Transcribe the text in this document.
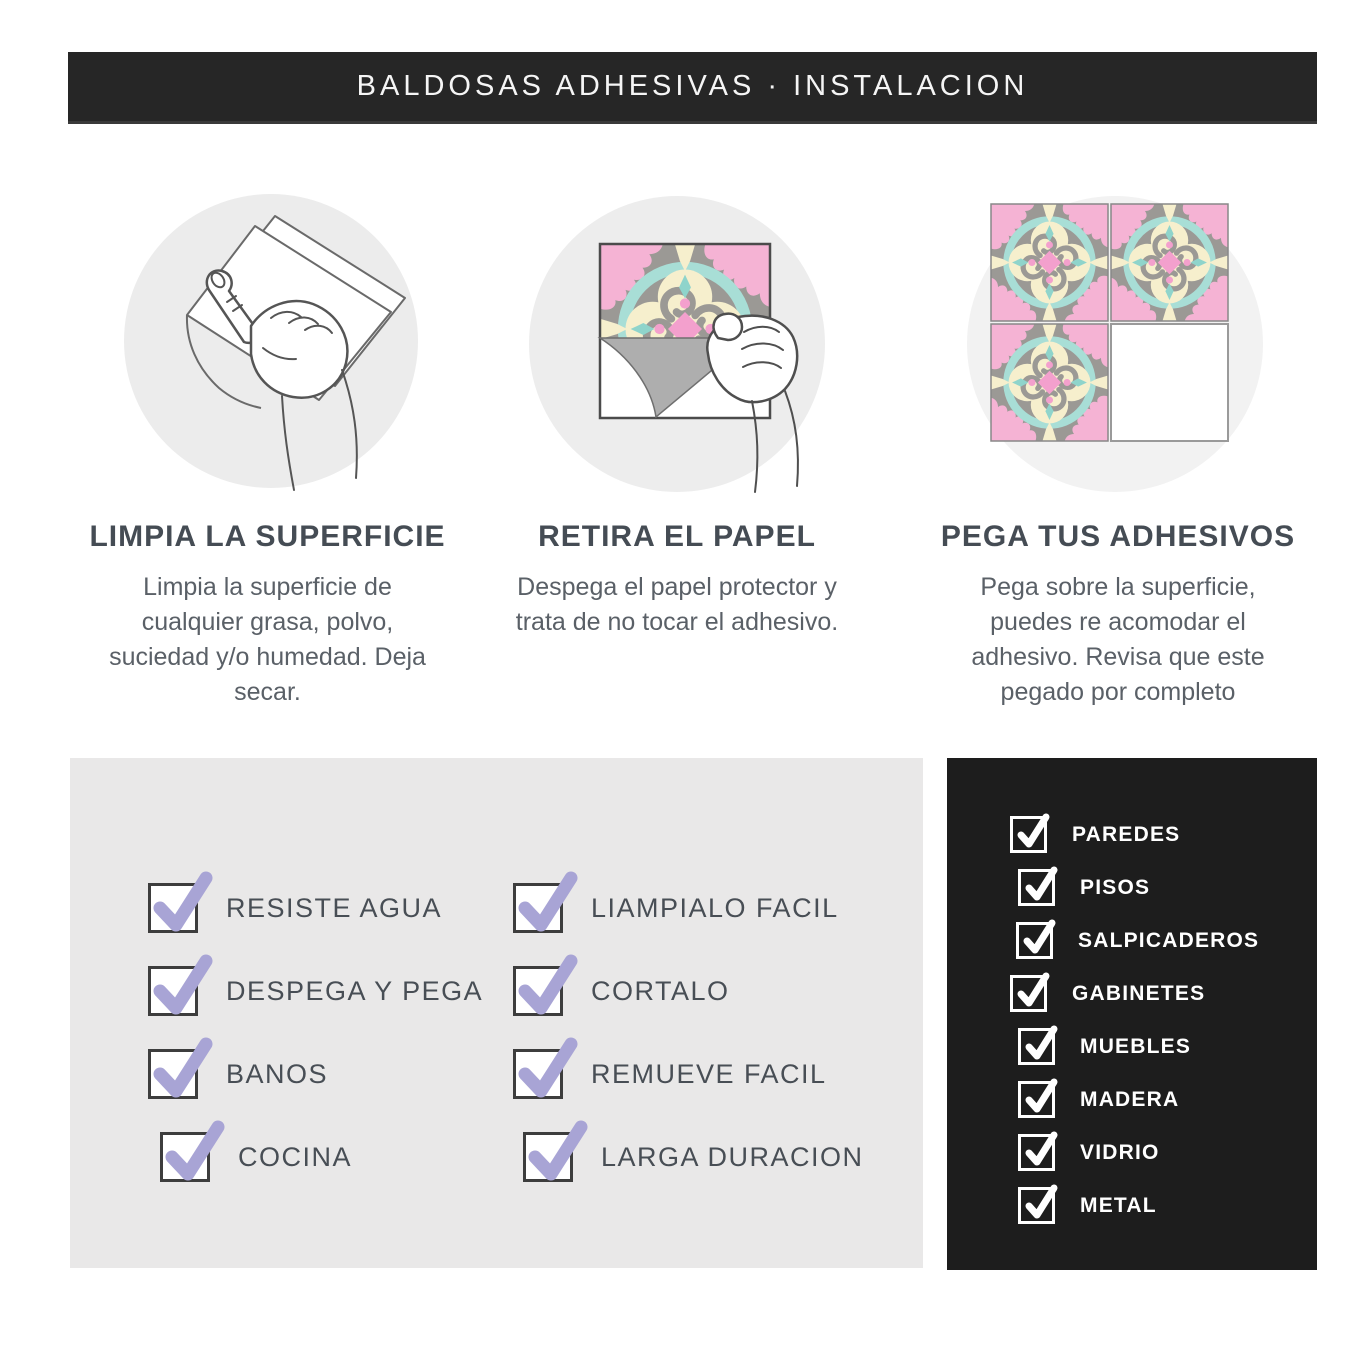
BALDOSAS ADHESIVAS · INSTALACION
LIMPIA LA SUPERFICIE

Limpia la superficie de cualquier grasa, polvo, suciedad y/o humedad. Deja secar.

RETIRA EL PAPEL

Despega el papel protector y trata de no tocar el adhesivo.

PEGA TUS ADHESIVOS

Pega sobre la superficie, puedes re acomodar el adhesivo. Revisa que este pegado por completo

RESISTE AGUA
DESPEGA Y PEGA
BANOS
COCINA
LIAMPIALO FACIL
CORTALO
REMUEVE FACIL
LARGA DURACION
PAREDES
PISOS
SALPICADEROS
GABINETES
MUEBLES
MADERA
VIDRIO
METAL
